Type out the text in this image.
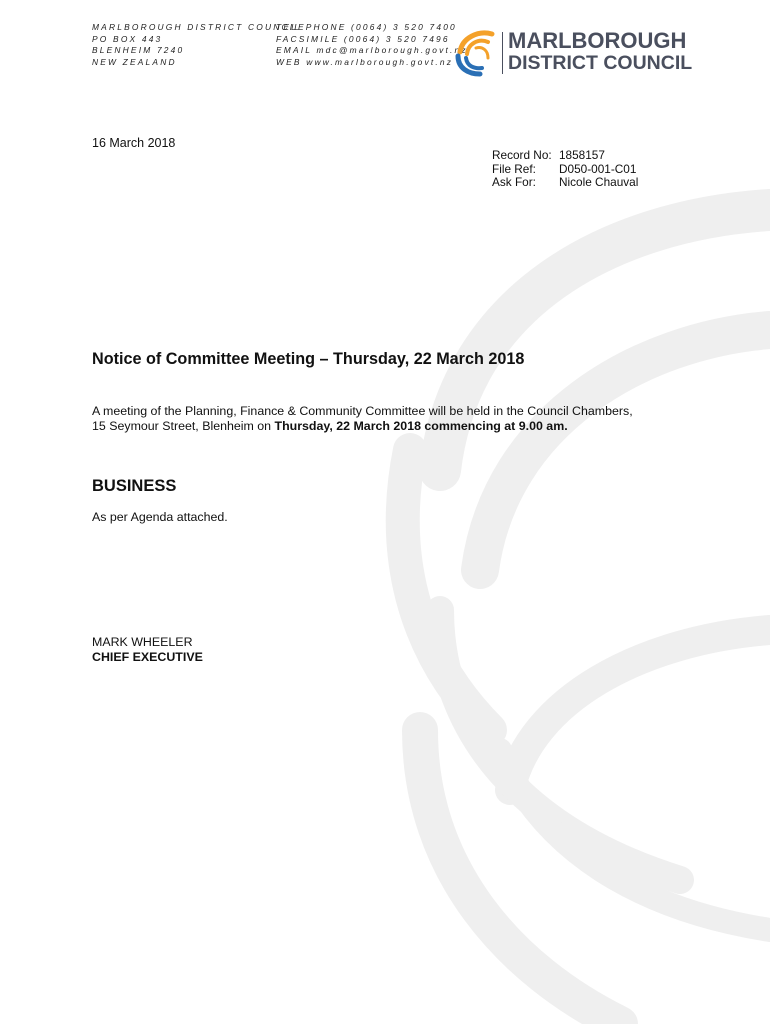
MARLBOROUGH DISTRICT COUNCIL
PO BOX 443
BLENHEIM 7240
NEW ZEALAND
TELEPHONE (0064) 3 520 7400
FACSIMILE (0064) 3 520 7496
EMAIL mdc@marlborough.govt.nz
WEB www.marlborough.govt.nz
MARLBOROUGH
DISTRICT COUNCIL
16 March 2018
Record No: 1858157
File Ref:	D050-001-C01
Ask For:	Nicole Chauval
Notice of Committee Meeting – Thursday, 22 March 2018
A meeting of the Planning, Finance & Community Committee will be held in the Council Chambers,
15 Seymour Street, Blenheim on Thursday, 22 March 2018 commencing at 9.00 am.
BUSINESS
As per Agenda attached.
MARK WHEELER
CHIEF EXECUTIVE
